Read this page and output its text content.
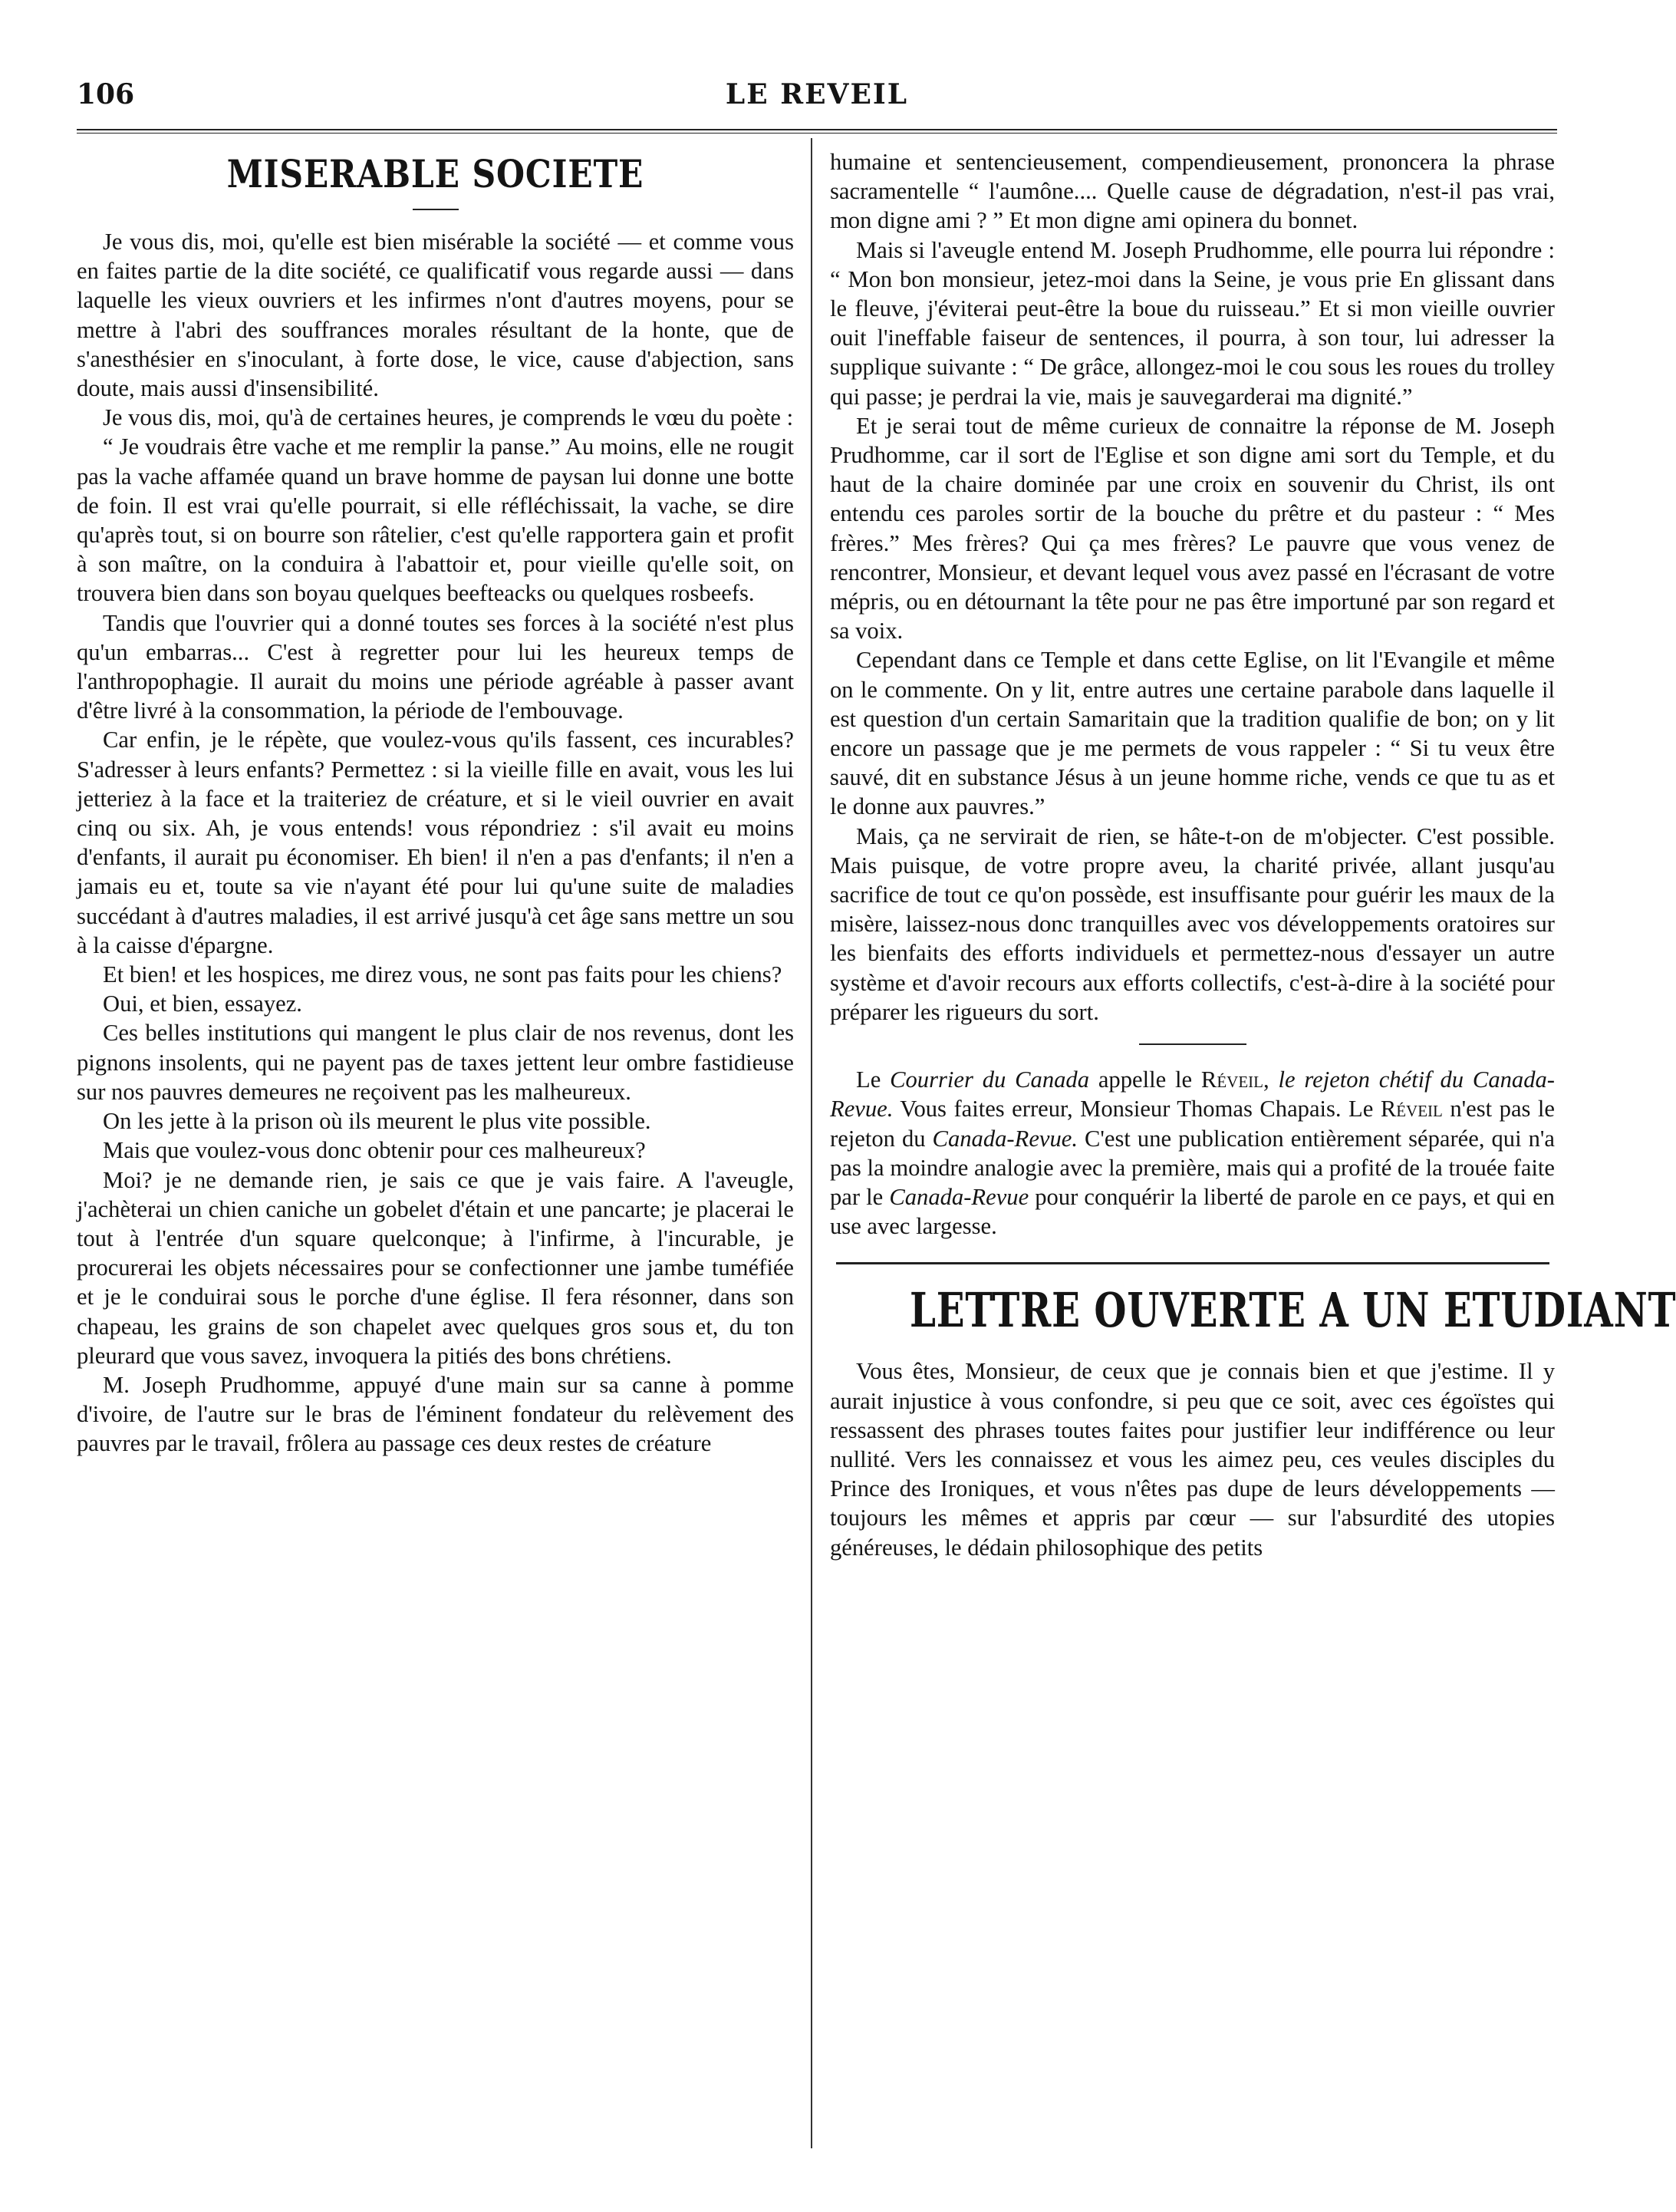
106	LE REVEIL
MISERABLE SOCIETE

Je vous dis, moi, qu'elle est bien misérable la société — et comme vous en faites partie de la dite société, ce qualificatif vous regarde aussi — dans laquelle les vieux ouvriers et les infirmes n'ont d'autres moyens, pour se mettre à l'abri des souffrances morales résultant de la honte, que de s'anesthésier en s'inoculant, à forte dose, le vice, cause d'abjection, sans doute, mais aussi d'insensibilité.

Je vous dis, moi, qu'à de certaines heures, je comprends le vœu du poète :

“ Je voudrais être vache et me remplir la panse.” Au moins, elle ne rougit pas la vache affamée quand un brave homme de paysan lui donne une botte de foin. Il est vrai qu'elle pourrait, si elle réfléchissait, la vache, se dire qu'après tout, si on bourre son râtelier, c'est qu'elle rapportera gain et profit à son maître, on la conduira à l'abattoir et, pour vieille qu'elle soit, on trouvera bien dans son boyau quelques beefteacks ou quelques rosbeefs.

Tandis que l'ouvrier qui a donné toutes ses forces à la société n'est plus qu'un embarras... C'est à regretter pour lui les heureux temps de l'anthropophagie. Il aurait du moins une période agréable à passer avant d'être livré à la consommation, la période de l'embouvage.

Car enfin, je le répète, que voulez-vous qu'ils fassent, ces incurables? S'adresser à leurs enfants? Permettez : si la vieille fille en avait, vous les lui jetteriez à la face et la traiteriez de créature, et si le vieil ouvrier en avait cinq ou six. Ah, je vous entends! vous répondriez : s'il avait eu moins d'enfants, il aurait pu économiser. Eh bien! il n'en a pas d'enfants; il n'en a jamais eu et, toute sa vie n'ayant été pour lui qu'une suite de maladies succédant à d'autres maladies, il est arrivé jusqu'à cet âge sans mettre un sou à la caisse d'épargne.

Et bien! et les hospices, me direz vous, ne sont pas faits pour les chiens?

Oui, et bien, essayez.

Ces belles institutions qui mangent le plus clair de nos revenus, dont les pignons insolents, qui ne payent pas de taxes jettent leur ombre fastidieuse sur nos pauvres demeures ne reçoivent pas les malheureux.

On les jette à la prison où ils meurent le plus vite possible.

Mais que voulez-vous donc obtenir pour ces malheureux?

Moi? je ne demande rien, je sais ce que je vais faire. A l'aveugle, j'achèterai un chien caniche un gobelet d'étain et une pancarte; je placerai le tout à l'entrée d'un square quelconque; à l'infirme, à l'incurable, je procurerai les objets nécessaires pour se confectionner une jambe tuméfiée et je le conduirai sous le porche d'une église. Il fera résonner, dans son chapeau, les grains de son chapelet avec quelques gros sous et, du ton pleurard que vous savez, invoquera la pitiés des bons chrétiens.

M. Joseph Prudhomme, appuyé d'une main sur sa canne à pomme d'ivoire, de l'autre sur le bras de l'éminent fondateur du relèvement des pauvres par le travail, frôlera au passage ces deux restes de créature

humaine et sentencieusement, compendieusement, prononcera la phrase sacramentelle “ l'aumône.... Quelle cause de dégradation, n'est-il pas vrai, mon digne ami ? ” Et mon digne ami opinera du bonnet.

Mais si l'aveugle entend M. Joseph Prudhomme, elle pourra lui répondre : “ Mon bon monsieur, jetez-moi dans la Seine, je vous prie En glissant dans le fleuve, j'éviterai peut-être la boue du ruisseau.” Et si mon vieille ouvrier ouit l'ineffable faiseur de sentences, il pourra, à son tour, lui adresser la supplique suivante : “ De grâce, allongez-moi le cou sous les roues du trolley qui passe; je perdrai la vie, mais je sauvegarderai ma dignité.”

Et je serai tout de même curieux de connaitre la réponse de M. Joseph Prudhomme, car il sort de l'Eglise et son digne ami sort du Temple, et du haut de la chaire dominée par une croix en souvenir du Christ, ils ont entendu ces paroles sortir de la bouche du prêtre et du pasteur : “ Mes frères.” Mes frères? Qui ça mes frères? Le pauvre que vous venez de rencontrer, Monsieur, et devant lequel vous avez passé en l'écrasant de votre mépris, ou en détournant la tête pour ne pas être importuné par son regard et sa voix.

Cependant dans ce Temple et dans cette Eglise, on lit l'Evangile et même on le commente. On y lit, entre autres une certaine parabole dans laquelle il est question d'un certain Samaritain que la tradition qualifie de bon; on y lit encore un passage que je me permets de vous rappeler : “ Si tu veux être sauvé, dit en substance Jésus à un jeune homme riche, vends ce que tu as et le donne aux pauvres.”

Mais, ça ne servirait de rien, se hâte-t-on de m'objecter. C'est possible. Mais puisque, de votre propre aveu, la charité privée, allant jusqu'au sacrifice de tout ce qu'on possède, est insuffisante pour guérir les maux de la misère, laissez-nous donc tranquilles avec vos développements oratoires sur les bienfaits des efforts individuels et permettez-nous d'essayer un autre système et d'avoir recours aux efforts collectifs, c'est-à-dire à la société pour préparer les rigueurs du sort.

Le Courrier du Canada appelle le Réveil, le rejeton chétif du Canada-Revue. Vous faites erreur, Monsieur Thomas Chapais. Le Réveil n'est pas le rejeton du Canada-Revue. C'est une publication entièrement séparée, qui n'a pas la moindre analogie avec la première, mais qui a profité de la trouée faite par le Canada-Revue pour conquérir la liberté de parole en ce pays, et qui en use avec largesse.

LETTRE OUVERTE A UN ETUDIANT

Vous êtes, Monsieur, de ceux que je connais bien et que j'estime. Il y aurait injustice à vous confondre, si peu que ce soit, avec ces égoïstes qui ressassent des phrases toutes faites pour justifier leur indifférence ou leur nullité. Vers les connaissez et vous les aimez peu, ces veules disciples du Prince des Ironiques, et vous n'êtes pas dupe de leurs développements — toujours les mêmes et appris par cœur — sur l'absurdité des utopies généreuses, le dédain philosophique des petits
